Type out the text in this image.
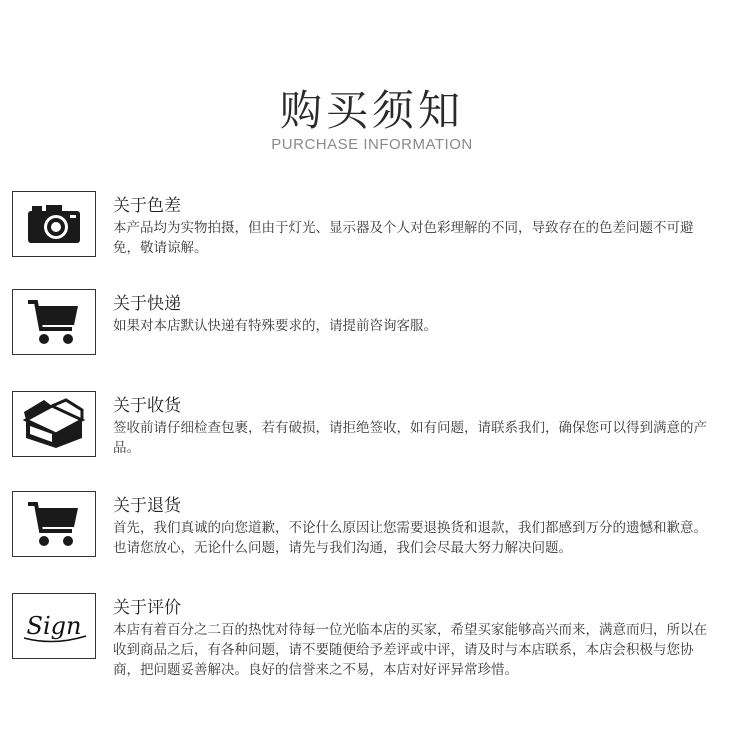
购买须知
PURCHASE INFORMATION
关于色差
本产品均为实物拍摄，但由于灯光、显示器及个人对色彩理解的不同，导致存在的色差问题不可避免，敬请谅解。
关于快递
如果对本店默认快递有特殊要求的，请提前咨询客服。
关于收货
签收前请仔细检查包裹，若有破损，请拒绝签收，如有问题，请联系我们，确保您可以得到满意的产品。
关于退货
首先，我们真诚的向您道歉，不论什么原因让您需要退换货和退款，我们都感到万分的遗憾和歉意。也请您放心，无论什么问题，请先与我们沟通，我们会尽最大努力解决问题。
Sign
关于评价
本店有着百分之二百的热忱对待每一位光临本店的买家，希望买家能够高兴而来，满意而归，所以在收到商品之后，有各种问题，请不要随便给予差评或中评，请及时与本店联系，本店会积极与您协商，把问题妥善解决。良好的信誉来之不易，本店对好评异常珍惜。
